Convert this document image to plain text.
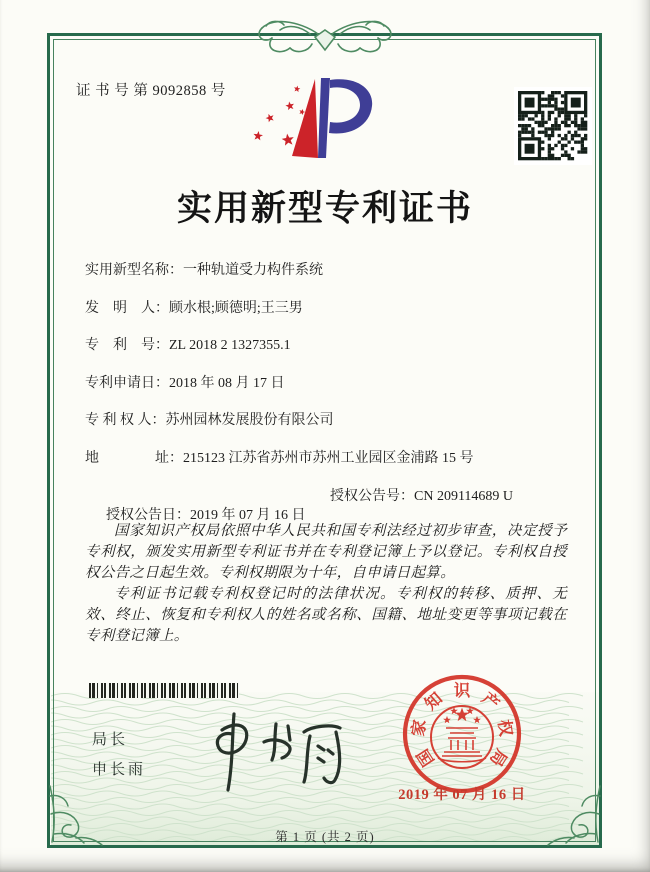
证 书 号 第 9092858 号
实用新型专利证书
实用新型名称：一种轨道受力构件系统
发　明　人：顾水根;顾德明;王三男
专　利　号：ZL 2018 2 1327355.1
专利申请日：2018 年 08 月 17 日
专 利 权 人：苏州园林发展股份有限公司
地　　　　址：215123 江苏省苏州市苏州工业园区金浦路 15 号

授权公告日：2019 年 07 月 16 日

授权公告号：CN 209114689 U

国家知识产权局依照中华人民共和国专利法经过初步审查，决定授予专利权，颁发实用新型专利证书并在专利登记簿上予以登记。专利权自授权公告之日起生效。专利权期限为十年，自申请日起算。

专利证书记载专利权登记时的法律状况。专利权的转移、质押、无效、终止、恢复和专利权人的姓名或名称、国籍、地址变更等事项记载在专利登记簿上。

局长
申长雨	国
家
知 识 产
权
局
2019 年 07 月 16 日
第 1 页 (共 2 页)
